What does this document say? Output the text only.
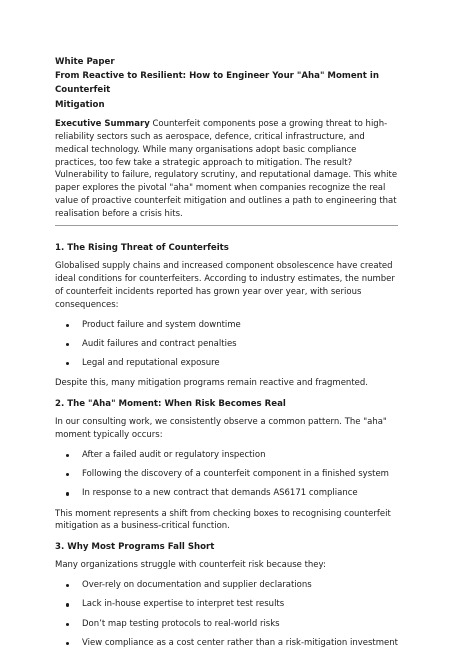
White Paper
From Reactive to Resilient: How to Engineer Your "Aha" Moment in Counterfeit
Mitigation

Executive Summary Counterfeit components pose a growing threat to high-reliability sectors such as aerospace, defence, critical infrastructure, and medical technology. While many organisations adopt basic compliance practices, too few take a strategic approach to mitigation. The result? Vulnerability to failure, regulatory scrutiny, and reputational damage. This white paper explores the pivotal "aha" moment when companies recognize the real value of proactive counterfeit mitigation and outlines a path to engineering that realisation before a crisis hits.

1. The Rising Threat of Counterfeits

Globalised supply chains and increased component obsolescence have created ideal conditions for counterfeiters. According to industry estimates, the number of counterfeit incidents reported has grown year over year, with serious consequences:

Product failure and system downtime
Audit failures and contract penalties
Legal and reputational exposure

Despite this, many mitigation programs remain reactive and fragmented.

2. The "Aha" Moment: When Risk Becomes Real

In our consulting work, we consistently observe a common pattern. The "aha" moment typically occurs:

After a failed audit or regulatory inspection
Following the discovery of a counterfeit component in a finished system
In response to a new contract that demands AS6171 compliance

This moment represents a shift from checking boxes to recognising counterfeit mitigation as a business-critical function.

3. Why Most Programs Fall Short

Many organizations struggle with counterfeit risk because they:

Over-rely on documentation and supplier declarations
Lack in-house expertise to interpret test results
Don’t map testing protocols to real-world risks
View compliance as a cost center rather than a risk-mitigation investment
